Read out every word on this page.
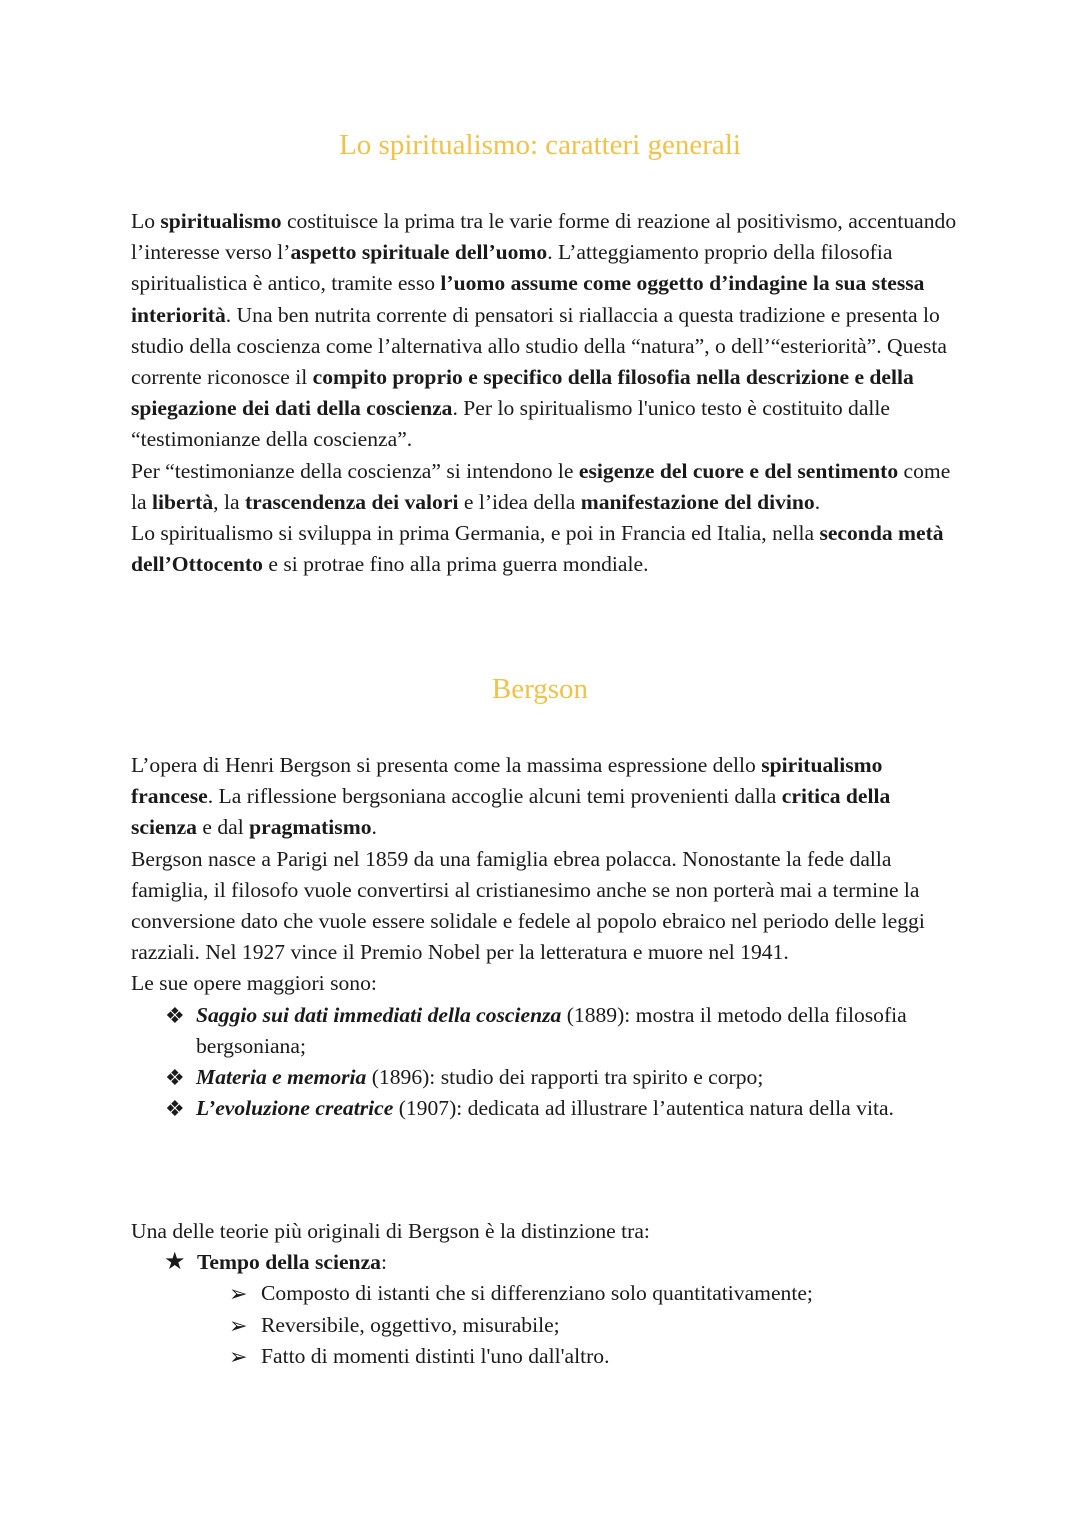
Lo spiritualismo: caratteri generali

Lo spiritualismo costituisce la prima tra le varie forme di reazione al positivismo, accentuando l’interesse verso l’aspetto spirituale dell’uomo. L’atteggiamento proprio della filosofia spiritualistica è antico, tramite esso l’uomo assume come oggetto d’indagine la sua stessa interiorità. Una ben nutrita corrente di pensatori si riallaccia a questa tradizione e presenta lo studio della coscienza come l’alternativa allo studio della “natura”, o dell’“esteriorità”. Questa corrente riconosce il compito proprio e specifico della filosofia nella descrizione e della spiegazione dei dati della coscienza. Per lo spiritualismo l'unico testo è costituito dalle “testimonianze della coscienza”.

Per “testimonianze della coscienza” si intendono le esigenze del cuore e del sentimento come la libertà, la trascendenza dei valori e l’idea della manifestazione del divino.

Lo spiritualismo si sviluppa in prima Germania, e poi in Francia ed Italia, nella seconda metà dell’Ottocento e si protrae fino alla prima guerra mondiale.

Bergson

L’opera di Henri Bergson si presenta come la massima espressione dello spiritualismo francese. La riflessione bergsoniana accoglie alcuni temi provenienti dalla critica della scienza e dal pragmatismo.

Bergson nasce a Parigi nel 1859 da una famiglia ebrea polacca. Nonostante la fede dalla famiglia, il filosofo vuole convertirsi al cristianesimo anche se non porterà mai a termine la conversione dato che vuole essere solidale e fedele al popolo ebraico nel periodo delle leggi razziali. Nel 1927 vince il Premio Nobel per la letteratura e muore nel 1941.

Le sue opere maggiori sono:

❖ Saggio sui dati immediati della coscienza (1889): mostra il metodo della filosofia bergsoniana;
❖ Materia e memoria (1896): studio dei rapporti tra spirito e corpo;
❖ L’evoluzione creatrice (1907): dedicata ad illustrare l’autentica natura della vita.

Una delle teorie più originali di Bergson è la distinzione tra:

★ Tempo della scienza:
➢ Composto di istanti che si differenziano solo quantitativamente;
➢ Reversibile, oggettivo, misurabile;
➢ Fatto di momenti distinti l'uno dall'altro.
